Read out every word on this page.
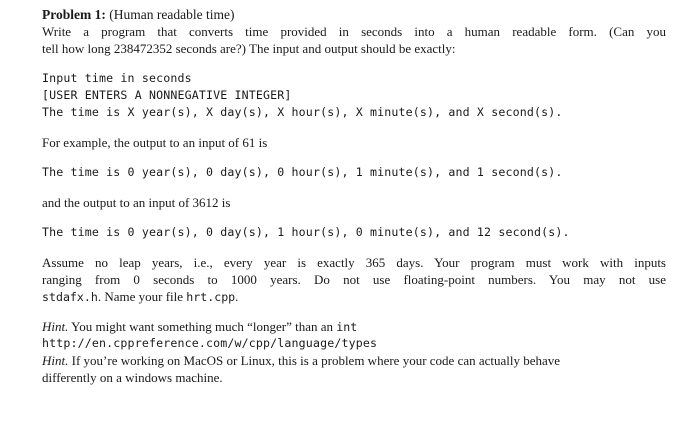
Problem 1: (Human readable time)
Write a program that converts time provided in seconds into a human readable form. (Can you
tell how long 238472352 seconds are?) The input and output should be exactly:
Input time in seconds
[USER ENTERS A NONNEGATIVE INTEGER]
The time is X year(s), X day(s), X hour(s), X minute(s), and X second(s).
For example, the output to an input of 61 is
The time is 0 year(s), 0 day(s), 0 hour(s), 1 minute(s), and 1 second(s).
and the output to an input of 3612 is
The time is 0 year(s), 0 day(s), 1 hour(s), 0 minute(s), and 12 second(s).
Assume no leap years, i.e., every year is exactly 365 days. Your program must work with inputs
ranging from 0 seconds to 1000 years. Do not use floating-point numbers. You may not use
stdafx.h. Name your file hrt.cpp.
Hint. You might want something much “longer” than an int
http://en.cppreference.com/w/cpp/language/types
Hint. If you’re working on MacOS or Linux, this is a problem where your code can actually behave
differently on a windows machine.
